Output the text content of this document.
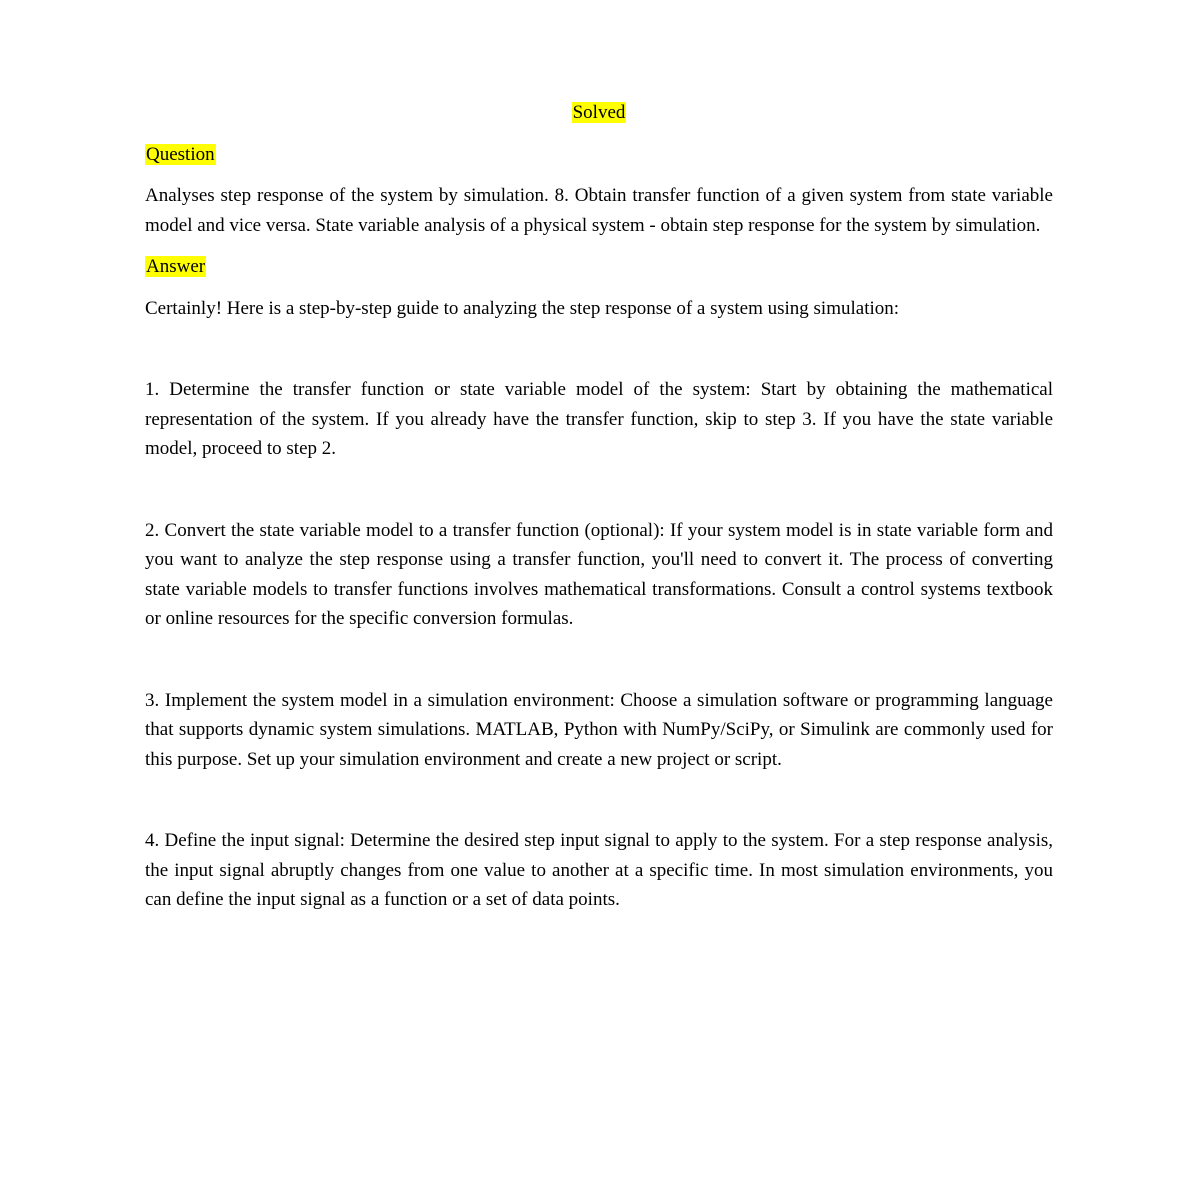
Solved
Question

Analyses step response of the system by simulation. 8. Obtain transfer function of a given system from state variable model and vice versa. State variable analysis of a physical system - obtain step response for the system by simulation.

Answer

Certainly! Here is a step-by-step guide to analyzing the step response of a system using simulation:

1. Determine the transfer function or state variable model of the system: Start by obtaining the mathematical representation of the system. If you already have the transfer function, skip to step 3. If you have the state variable model, proceed to step 2.

2. Convert the state variable model to a transfer function (optional): If your system model is in state variable form and you want to analyze the step response using a transfer function, you'll need to convert it. The process of converting state variable models to transfer functions involves mathematical transformations. Consult a control systems textbook or online resources for the specific conversion formulas.

3. Implement the system model in a simulation environment: Choose a simulation software or programming language that supports dynamic system simulations. MATLAB, Python with NumPy/SciPy, or Simulink are commonly used for this purpose. Set up your simulation environment and create a new project or script.

4. Define the input signal: Determine the desired step input signal to apply to the system. For a step response analysis, the input signal abruptly changes from one value to another at a specific time. In most simulation environments, you can define the input signal as a function or a set of data points.
